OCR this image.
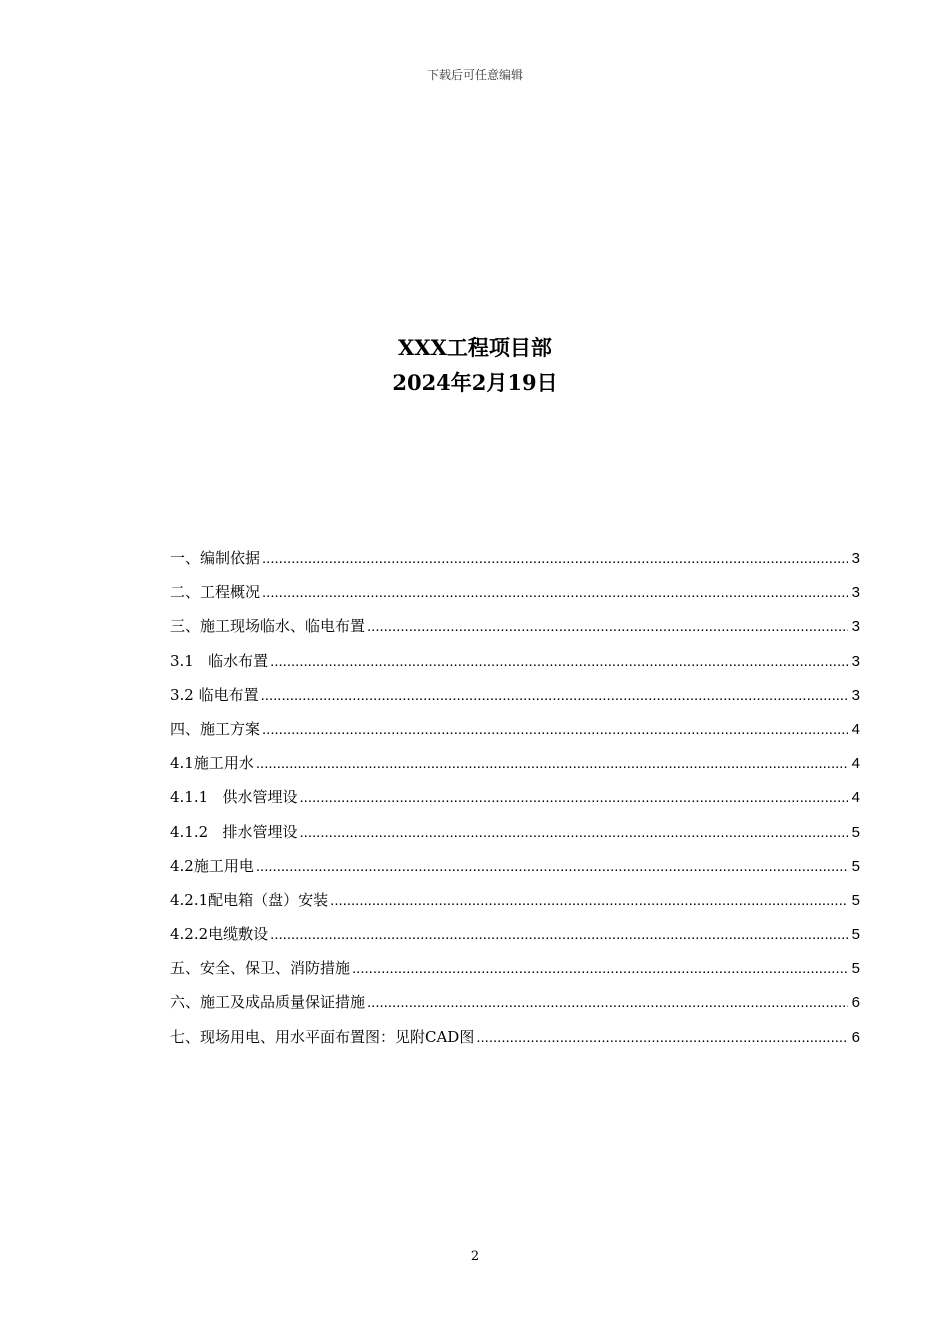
下载后可任意编辑
XXX工程项目部
2024年2月19日
一、编制依据 .....	3
二、工程概况 .....	3
三、施工现场临水、临电布置 .....	3
3.1   临水布置 .....	3
3.2 临电布置 .....	3
四、施工方案 .....	4
4.1施工用水 .....	4
4.1.1   供水管埋设 .....	4
4.1.2   排水管埋设 .....	5
4.2施工用电 .....	5
4.2.1配电箱（盘）安装 .....	5
4.2.2电缆敷设 .....	5
五、安全、保卫、消防措施 .....	5
六、施工及成品质量保证措施 .....	6
七、现场用电、用水平面布置图：见附CAD图 .....	6
2
